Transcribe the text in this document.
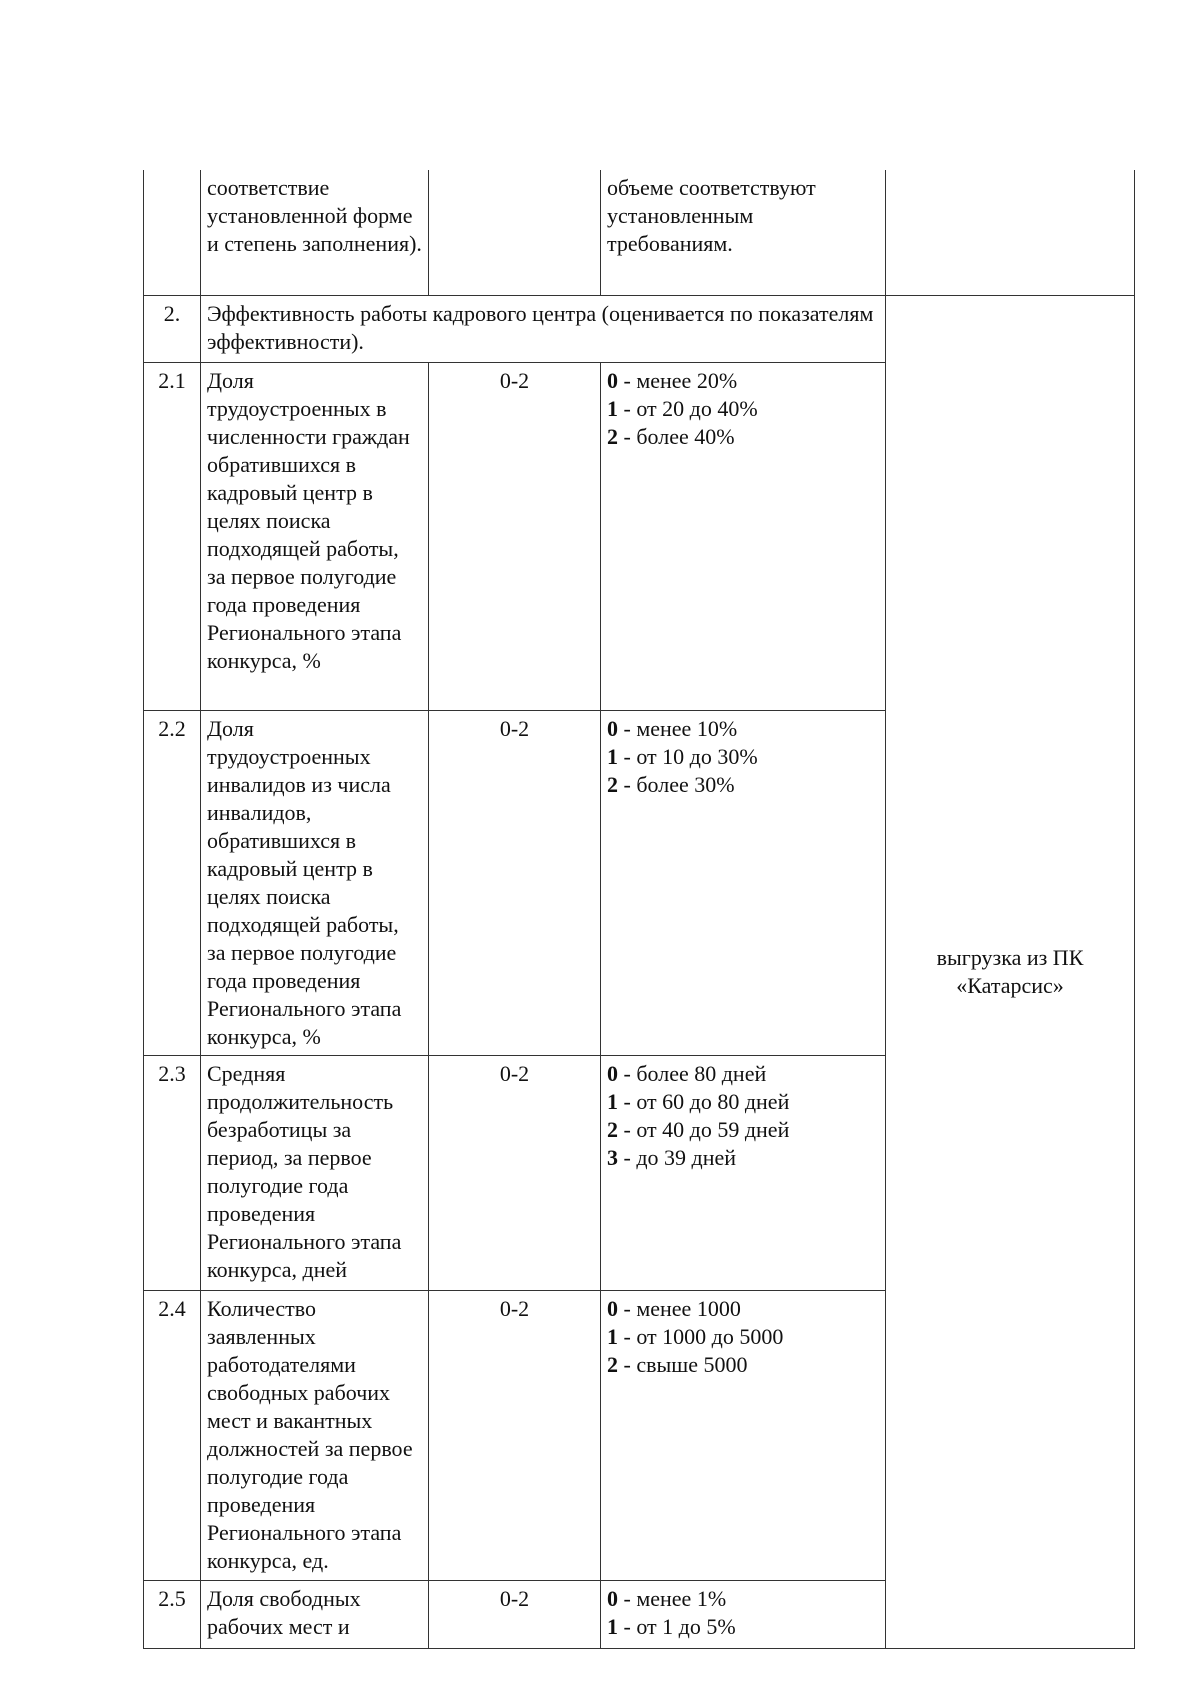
	соответствие установленной форме и степень заполнения).		объеме соответствуют
установленным
требованиям.	

2.	Эффективность работы кадрового центра (оценивается по показателям эффективности).			выгрузка из ПК «Катарсис»
2.1	Доля трудоустроенных в численности граждан обратившихся в кадровый центр в целях поиска подходящей работы, за первое полугодие года проведения Регионального этапа конкурса, %	0-2	0 - менее 20%
1 - от 20 до 40%
2 - более 40%	

2.2	Доля трудоустроенных инвалидов из числа инвалидов, обратившихся в кадровый центр в целях поиска подходящей работы, за первое полугодие года проведения Регионального этапа конкурса, %	0-2	0 - менее 10%
1 - от 10 до 30%
2 - более 30%	

2.3	Средняя продолжительность безработицы за период, за первое полугодие года проведения Регионального этапа конкурса, дней	0-2	0 - более 80 дней
1 - от 60 до 80 дней
2 - от 40 до 59 дней
3 - до 39 дней	

2.4	Количество заявленных работодателями свободных рабочих мест и вакантных должностей за первое полугодие года проведения Регионального этапа конкурса, ед.	0-2	0 - менее 1000
1 - от 1000 до 5000
2 - свыше 5000	

2.5	Доля свободных рабочих мест и	0-2	0 - менее 1%
1 - от 1 до 5%	
